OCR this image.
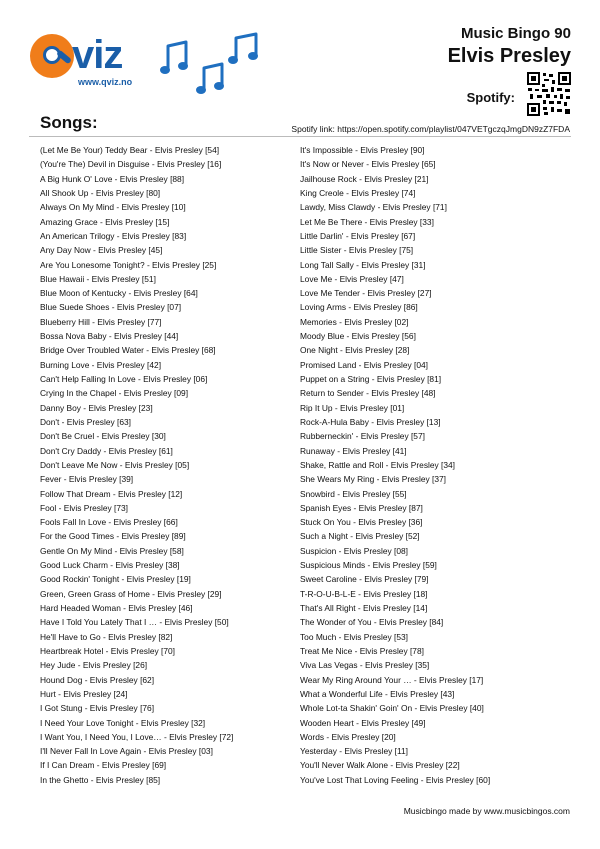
viz
www.qviz.no
Music Bingo 90
Elvis Presley
Spotify:
Songs:	Spotify link: https://open.spotify.com/playlist/047VETgczqJmgDN9zZ7FDA
(Let Me Be Your) Teddy Bear - Elvis Presley [54]
(You're The) Devil in Disguise - Elvis Presley [16]
A Big Hunk O' Love - Elvis Presley [88]
All Shook Up - Elvis Presley [80]
Always On My Mind - Elvis Presley [10]
Amazing Grace - Elvis Presley [15]
An American Trilogy - Elvis Presley [83]
Any Day Now - Elvis Presley [45]
Are You Lonesome Tonight? - Elvis Presley [25]
Blue Hawaii - Elvis Presley [51]
Blue Moon of Kentucky - Elvis Presley [64]
Blue Suede Shoes - Elvis Presley [07]
Blueberry Hill - Elvis Presley [77]
Bossa Nova Baby - Elvis Presley [44]
Bridge Over Troubled Water - Elvis Presley [68]
Burning Love - Elvis Presley [42]
Can't Help Falling In Love - Elvis Presley [06]
Crying In the Chapel - Elvis Presley [09]
Danny Boy - Elvis Presley [23]
Don't - Elvis Presley [63]
Don't Be Cruel - Elvis Presley [30]
Don't Cry Daddy - Elvis Presley [61]
Don't Leave Me Now - Elvis Presley [05]
Fever - Elvis Presley [39]
Follow That Dream - Elvis Presley [12]
Fool - Elvis Presley [73]
Fools Fall In Love - Elvis Presley [66]
For the Good Times - Elvis Presley [89]
Gentle On My Mind - Elvis Presley [58]
Good Luck Charm - Elvis Presley [38]
Good Rockin' Tonight - Elvis Presley [19]
Green, Green Grass of Home - Elvis Presley [29]
Hard Headed Woman - Elvis Presley [46]
Have I Told You Lately That I … - Elvis Presley [50]
He'll Have to Go - Elvis Presley [82]
Heartbreak Hotel - Elvis Presley [70]
Hey Jude - Elvis Presley [26]
Hound Dog - Elvis Presley [62]
Hurt - Elvis Presley [24]
I Got Stung - Elvis Presley [76]
I Need Your Love Tonight - Elvis Presley [32]
I Want You, I Need You, I Love… - Elvis Presley [72]
I'll Never Fall In Love Again - Elvis Presley [03]
If I Can Dream - Elvis Presley [69]
In the Ghetto - Elvis Presley [85]
It's Impossible - Elvis Presley [90]
It's Now or Never - Elvis Presley [65]
Jailhouse Rock - Elvis Presley [21]
King Creole - Elvis Presley [74]
Lawdy, Miss Clawdy - Elvis Presley [71]
Let Me Be There - Elvis Presley [33]
Little Darlin' - Elvis Presley [67]
Little Sister - Elvis Presley [75]
Long Tall Sally - Elvis Presley [31]
Love Me - Elvis Presley [47]
Love Me Tender - Elvis Presley [27]
Loving Arms - Elvis Presley [86]
Memories - Elvis Presley [02]
Moody Blue - Elvis Presley [56]
One Night - Elvis Presley [28]
Promised Land - Elvis Presley [04]
Puppet on a String - Elvis Presley [81]
Return to Sender - Elvis Presley [48]
Rip It Up - Elvis Presley [01]
Rock-A-Hula Baby - Elvis Presley [13]
Rubberneckin' - Elvis Presley [57]
Runaway - Elvis Presley [41]
Shake, Rattle and Roll - Elvis Presley [34]
She Wears My Ring - Elvis Presley [37]
Snowbird - Elvis Presley [55]
Spanish Eyes - Elvis Presley [87]
Stuck On You - Elvis Presley [36]
Such a Night - Elvis Presley [52]
Suspicion - Elvis Presley [08]
Suspicious Minds - Elvis Presley [59]
Sweet Caroline - Elvis Presley [79]
T-R-O-U-B-L-E - Elvis Presley [18]
That's All Right - Elvis Presley [14]
The Wonder of You - Elvis Presley [84]
Too Much - Elvis Presley [53]
Treat Me Nice - Elvis Presley [78]
Viva Las Vegas - Elvis Presley [35]
Wear My Ring Around Your … - Elvis Presley [17]
What a Wonderful Life - Elvis Presley [43]
Whole Lot-ta Shakin' Goin' On - Elvis Presley [40]
Wooden Heart - Elvis Presley [49]
Words - Elvis Presley [20]
Yesterday - Elvis Presley [11]
You'll Never Walk Alone - Elvis Presley [22]
You've Lost That Loving Feeling - Elvis Presley [60]
Musicbingo made by www.musicbingos.com
